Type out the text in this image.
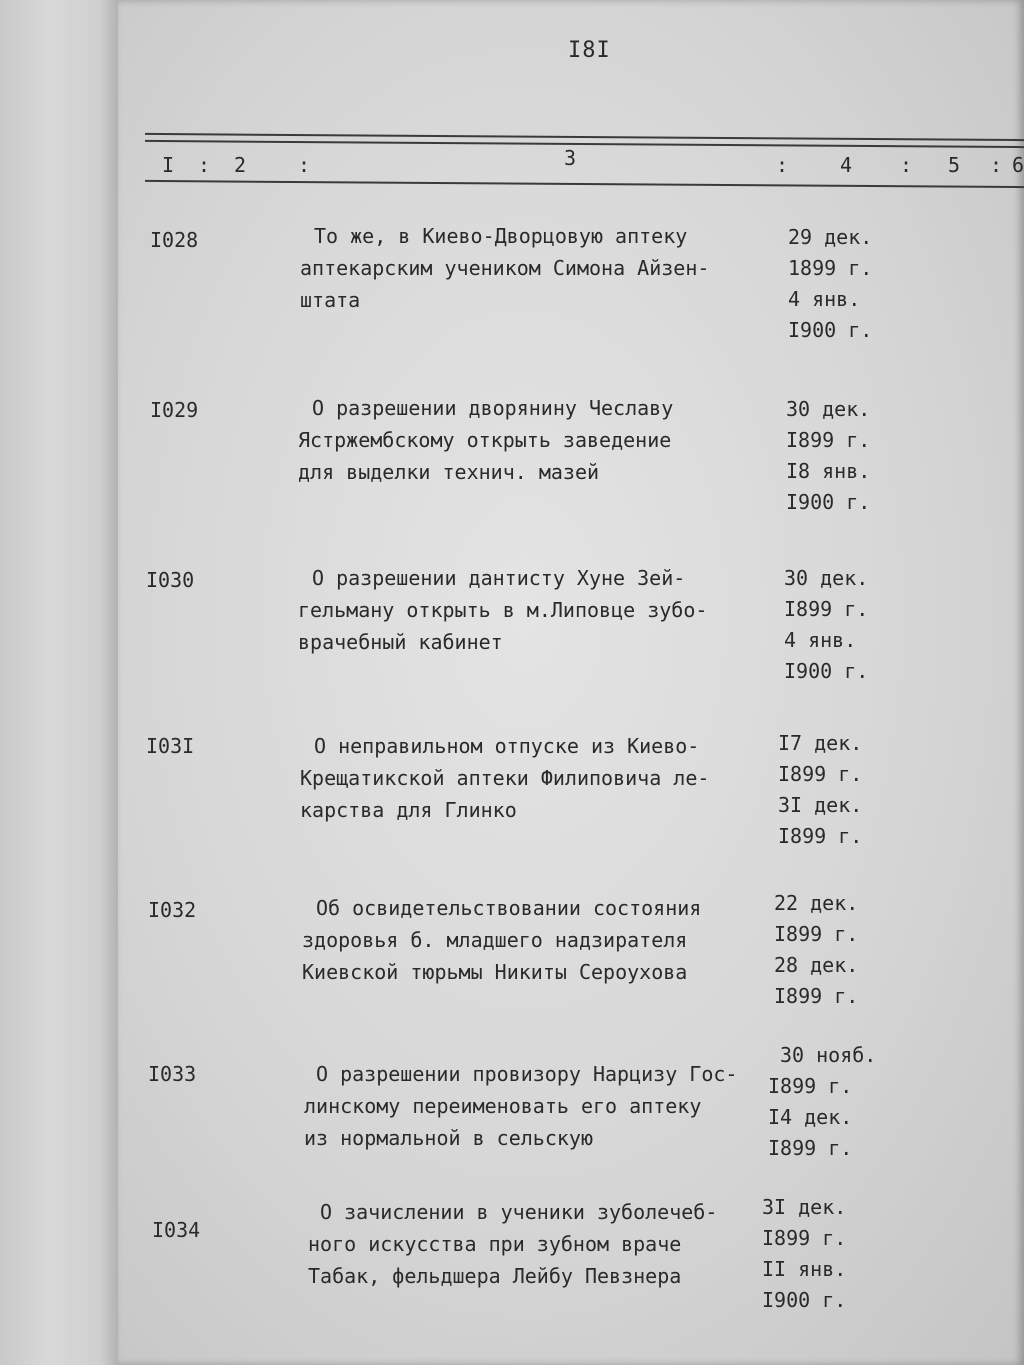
I8I
I : 2	:	3	:	4 : 5 : 6
I028	То же, в Киево-Дворцовую аптеку
аптекарским учеником Симона Айзен-
штата
29 дек.
1899 г.
4 янв.
I900 г.
I029	О разрешении дворянину Чеславу
Ястржембскому открыть заведение
для выделки технич. мазей
30 дек.
I899 г.
I8 янв.
I900 г.
I030	О разрешении дантисту Хуне Зей-
гельману открыть в м.Липовце зубо-
врачебный кабинет
30 дек.
I899 г.
4 янв.
I900 г.
I03I	О неправильном отпуске из Киево-
Крещатикской аптеки Филиповича ле-
карства для Глинко
I7 дек.
I899 г.
3I дек.
I899 г.
I032	Об освидетельствовании состояния
здоровья б. младшего надзирателя
Киевской тюрьмы Никиты Сероухова
22 дек.
I899 г.
28 дек.
I899 г.
I033	О разрешении провизору Нарцизу Гос-
линскому переименовать его аптеку
из нормальной в сельскую
30 нояб.
I899 г.
I4 дек.
I899 г.
I034
О зачислении в ученики зуболечеб-
ного искусства при зубном враче
Табак, фельдшера Лейбу Певзнера
3I дек.
I899 г.
II янв.
I900 г.
